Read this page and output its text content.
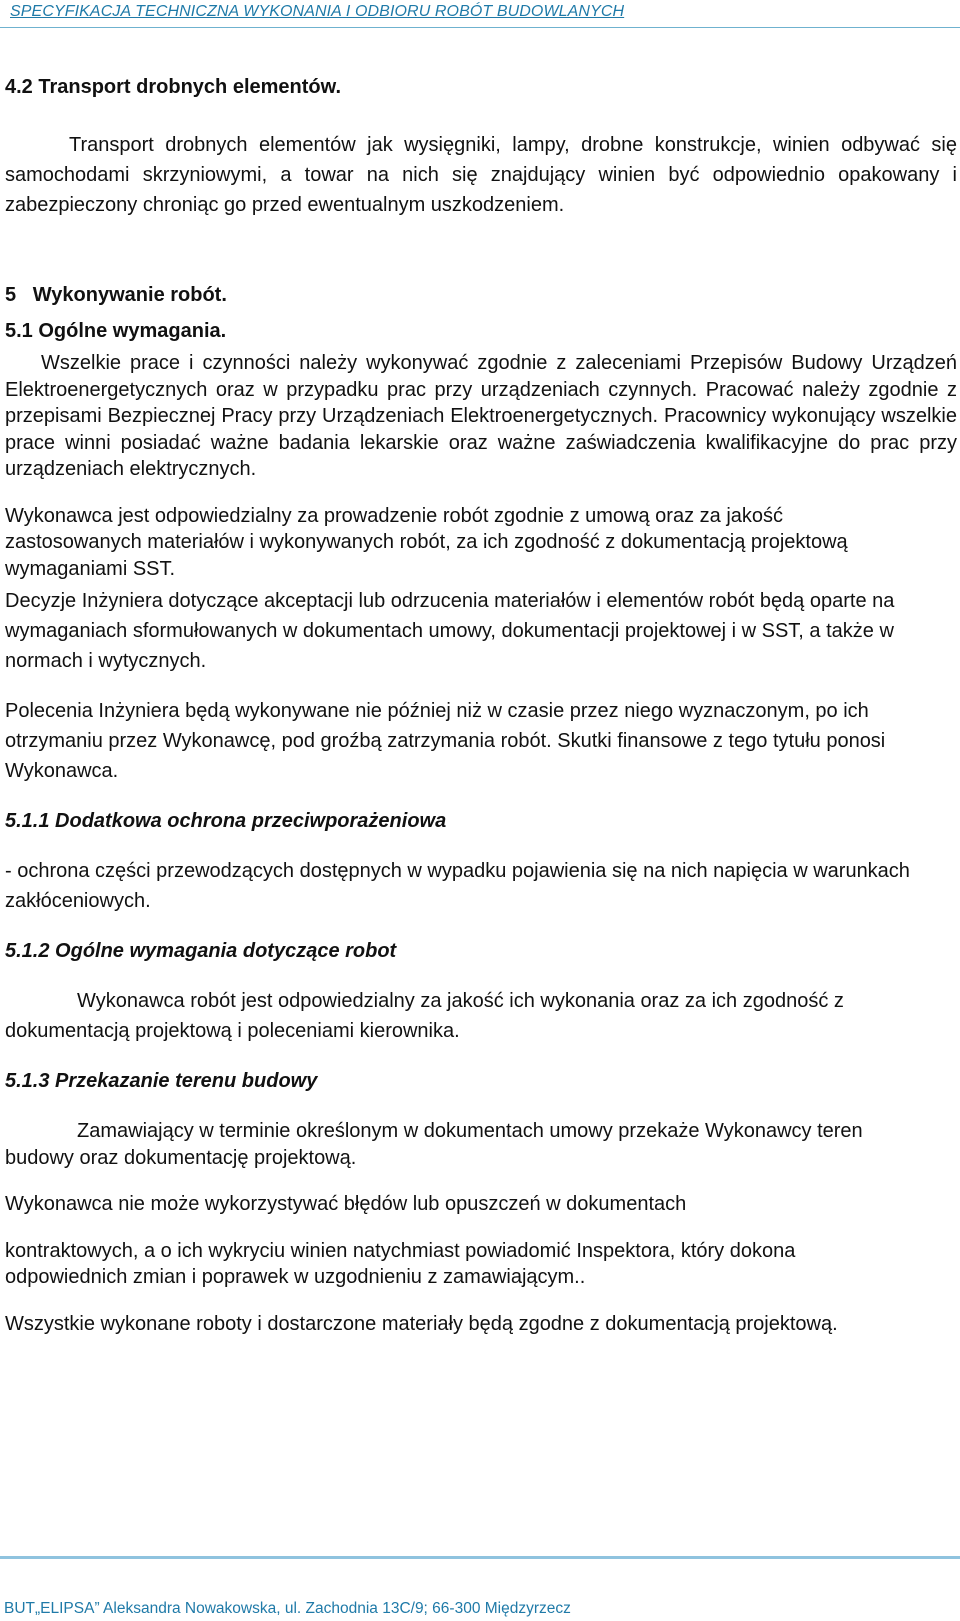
SPECYFIKACJA TECHNICZNA WYKONANIA I ODBIORU ROBÓT BUDOWLANYCH

4.2 Transport drobnych elementów.

Transport drobnych elementów jak wysięgniki, lampy, drobne konstrukcje, winien odbywać się samochodami skrzyniowymi, a towar na nich się znajdujący winien być odpowiednio opakowany i zabezpieczony chroniąc go przed ewentualnym uszkodzeniem.

5   Wykonywanie robót.

5.1 Ogólne wymagania.

Wszelkie prace i czynności należy wykonywać zgodnie z zaleceniami Przepisów Budowy Urządzeń Elektroenergetycznych oraz w przypadku prac przy urządzeniach czynnych. Pracować należy zgodnie z przepisami Bezpiecznej Pracy przy Urządzeniach Elektroenergetycznych. Pracownicy wykonujący wszelkie prace winni posiadać ważne badania lekarskie oraz ważne zaświadczenia kwalifikacyjne do prac przy urządzeniach elektrycznych.

Wykonawca jest odpowiedzialny za prowadzenie robót zgodnie z umową oraz za jakość zastosowanych materiałów i wykonywanych robót, za ich zgodność z dokumentacją projektową wymaganiami SST.

Decyzje Inżyniera dotyczące akceptacji lub odrzucenia materiałów i elementów robót będą oparte na wymaganiach sformułowanych w dokumentach umowy, dokumentacji projektowej i w SST, a także w normach i wytycznych.

Polecenia Inżyniera będą wykonywane nie później niż w czasie przez niego wyznaczonym, po ich otrzymaniu przez Wykonawcę, pod groźbą zatrzymania robót. Skutki finansowe z tego tytułu ponosi Wykonawca.

5.1.1 Dodatkowa ochrona przeciwporażeniowa

- ochrona części przewodzących dostępnych w wypadku pojawienia się na nich napięcia w warunkach zakłóceniowych.

5.1.2 Ogólne wymagania dotyczące robot

Wykonawca robót jest odpowiedzialny za jakość ich wykonania oraz za ich zgodność z dokumentacją projektową i poleceniami kierownika.

5.1.3 Przekazanie terenu budowy

Zamawiający w terminie określonym w dokumentach umowy przekaże Wykonawcy teren budowy oraz dokumentację projektową.

Wykonawca nie może wykorzystywać błędów lub opuszczeń w dokumentach

kontraktowych, a o ich wykryciu winien natychmiast powiadomić Inspektora, który dokona odpowiednich zmian i poprawek w uzgodnieniu z zamawiającym..

Wszystkie wykonane roboty i dostarczone materiały będą zgodne z dokumentacją projektową.

BUT„ELIPSA” Aleksandra Nowakowska, ul. Zachodnia 13C/9; 66-300 Międzyrzecz
